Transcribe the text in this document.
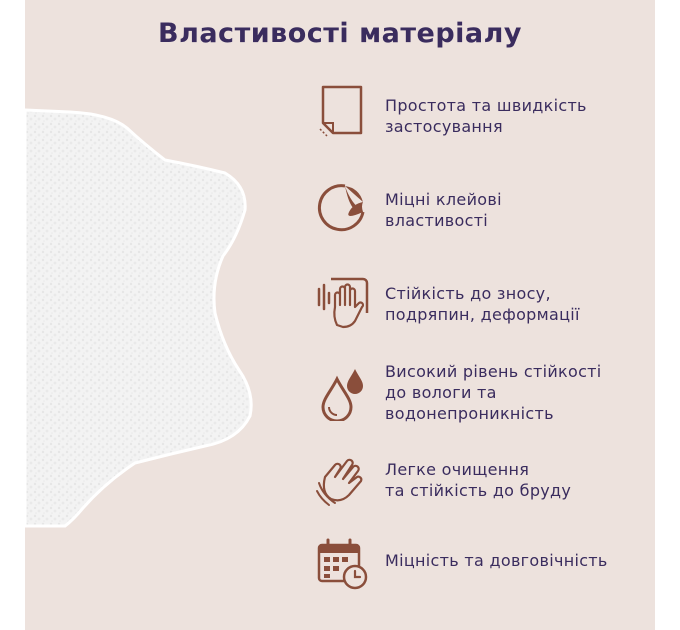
Властивості матеріалу
Простота та швидкість
застосування
Міцні клейові
властивості
Стійкість до зносу,
подряпин, деформації
Високий рівень стійкості
до вологи та
водонепроникність
Легке очищення
та стійкість до бруду
Міцність та довговічність
